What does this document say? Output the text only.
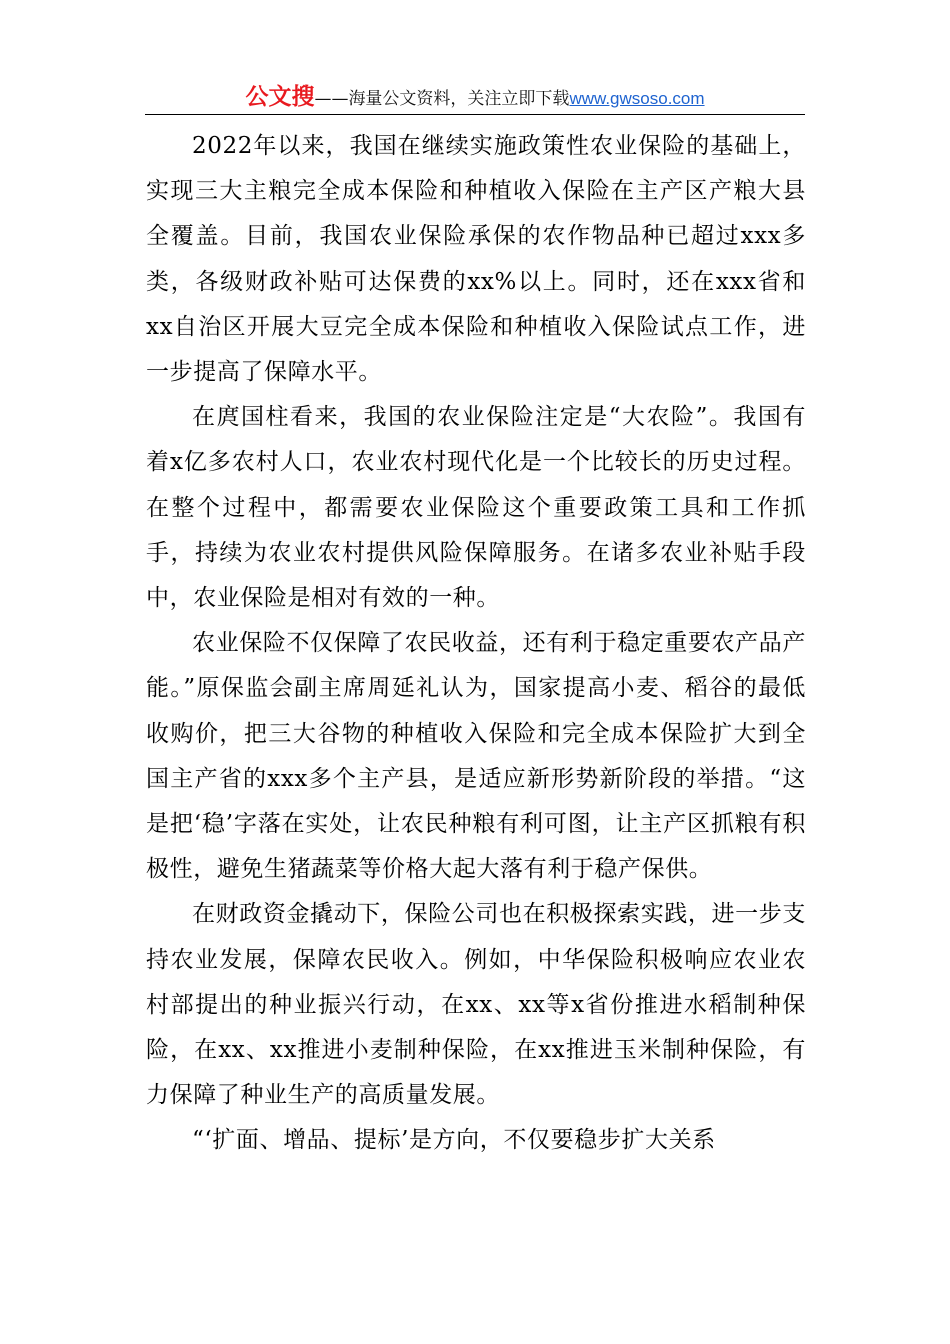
公文搜——海量公文资料，关注立即下载www.gwsoso.com

2022年以来，我国在继续实施政策性农业保险的基础上，实现三大主粮完全成本保险和种植收入保险在主产区产粮大县全覆盖。目前，我国农业保险承保的农作物品种已超过xxx多类，各级财政补贴可达保费的xx%以上。同时，还在xxx省和xx自治区开展大豆完全成本保险和种植收入保险试点工作，进一步提高了保障水平。

在庹国柱看来，我国的农业保险注定是“大农险”。我国有着x亿多农村人口，农业农村现代化是一个比较长的历史过程。在整个过程中，都需要农业保险这个重要政策工具和工作抓手，持续为农业农村提供风险保障服务。在诸多农业补贴手段中，农业保险是相对有效的一种。

农业保险不仅保障了农民收益，还有利于稳定重要农产品产能。”原保监会副主席周延礼认为，国家提高小麦、稻谷的最低收购价，把三大谷物的种植收入保险和完全成本保险扩大到全国主产省的xxx多个主产县，是适应新形势新阶段的举措。“这是把‘稳’字落在实处，让农民种粮有利可图，让主产区抓粮有积极性，避免生猪蔬菜等价格大起大落有利于稳产保供。

在财政资金撬动下，保险公司也在积极探索实践，进一步支持农业发展，保障农民收入。例如，中华保险积极响应农业农村部提出的种业振兴行动，在xx、xx等x省份推进水稻制种保险，在xx、xx推进小麦制种保险，在xx推进玉米制种保险，有力保障了种业生产的高质量发展。

“‘扩面、增品、提标’是方向，不仅要稳步扩大关系
